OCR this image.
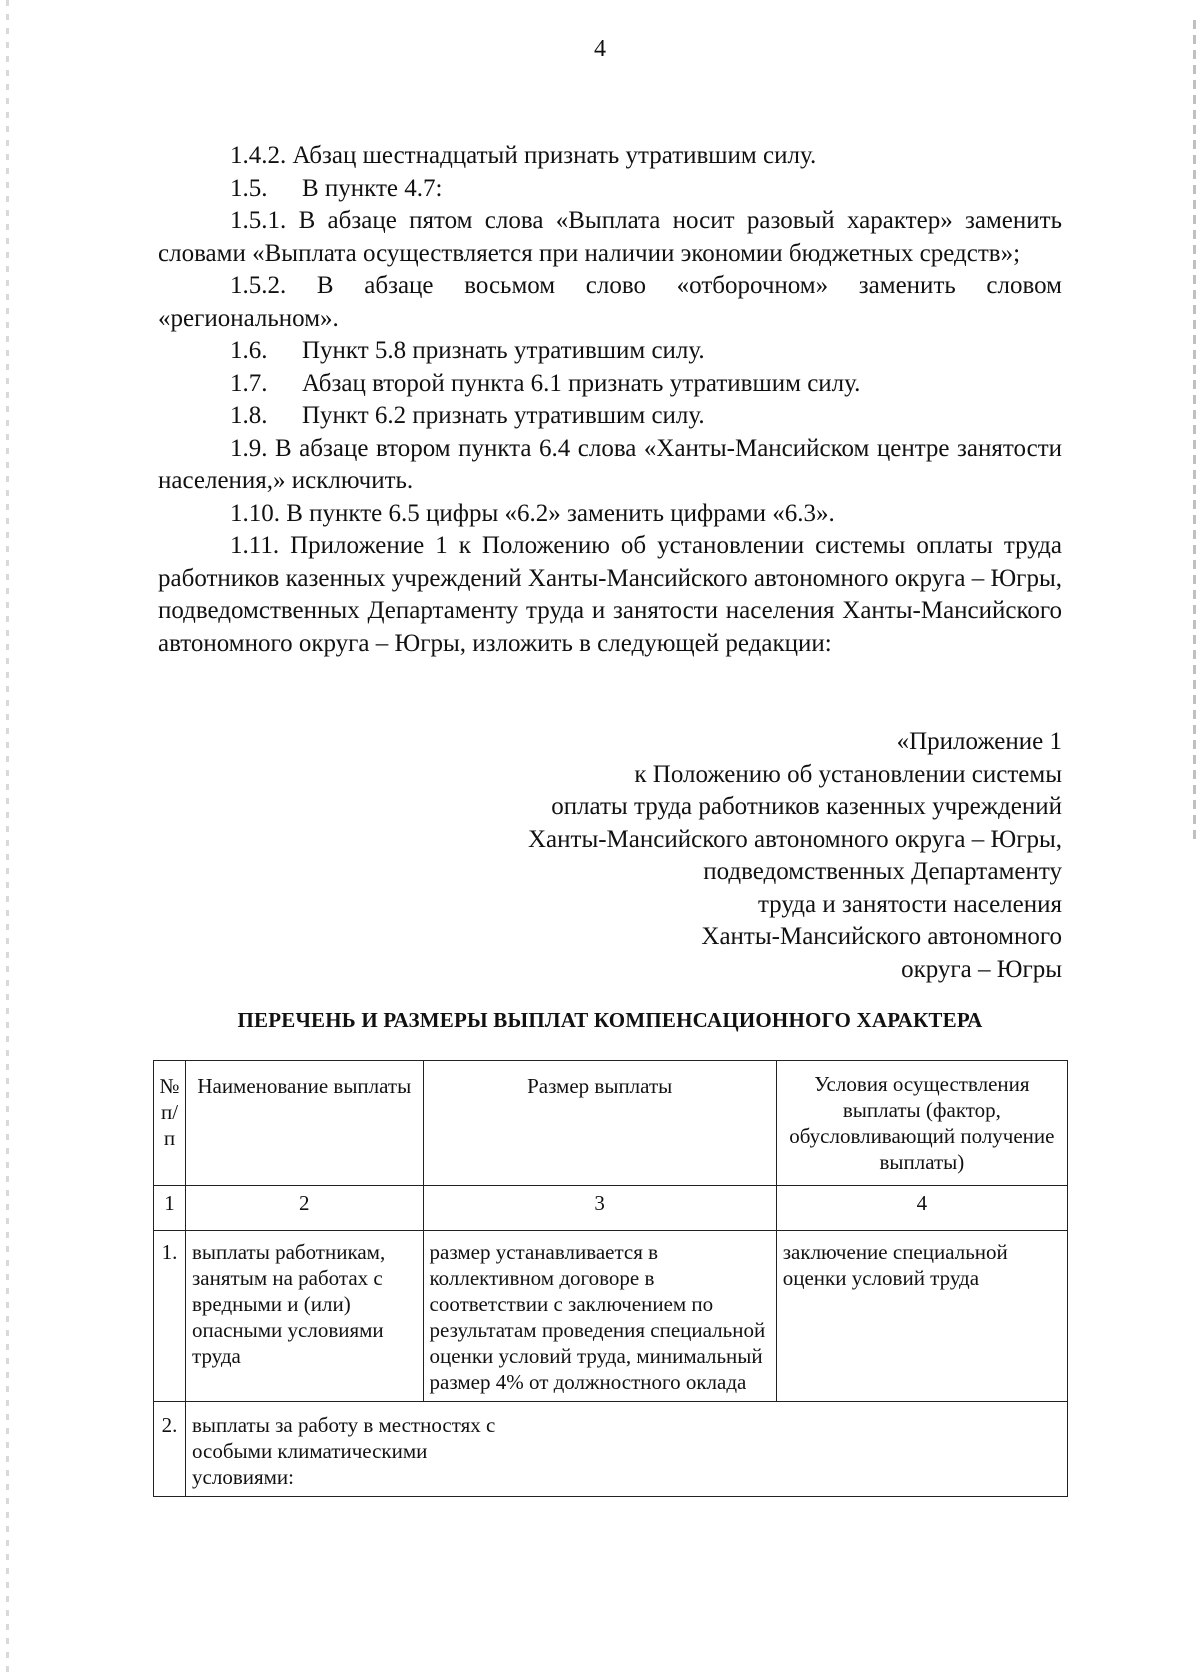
4

1.4.2. Абзац шестнадцатый признать утратившим силу.

1.5. В пункте 4.7:

1.5.1. В абзаце пятом слова «Выплата носит разовый характер» заменить словами «Выплата осуществляется при наличии экономии бюджетных средств»;

1.5.2. В абзаце восьмом слово «отборочном» заменить словом «региональном».

1.6. Пункт 5.8 признать утратившим силу.

1.7. Абзац второй пункта 6.1 признать утратившим силу.

1.8. Пункт 6.2 признать утратившим силу.

1.9. В абзаце втором пункта 6.4 слова «Ханты-Мансийском центре занятости населения,» исключить.

1.10. В пункте 6.5 цифры «6.2» заменить цифрами «6.3».

1.11. Приложение 1 к Положению об установлении системы оплаты труда работников казенных учреждений Ханты-Мансийского автономного округа – Югры, подведомственных Департаменту труда и занятости населения Ханты-Мансийского автономного округа – Югры, изложить в следующей редакции:

«Приложение 1
к Положению об установлении системы
оплаты труда работников казенных учреждений
Ханты-Мансийского автономного округа – Югры,
подведомственных Департаменту
труда и занятости населения
Ханты-Мансийского автономного
округа – Югры
ПЕРЕЧЕНЬ И РАЗМЕРЫ ВЫПЛАТ КОМПЕНСАЦИОННОГО ХАРАКТЕРА
№ п/п	Наименование выплаты	Размер выплаты	Условия осуществления выплаты (фактор, обусловливающий получение выплаты)
1	2	3	4
1.	выплаты работникам, занятым на работах с вредными и (или) опасными условиями труда	размер устанавливается в коллективном договоре в соответствии с заключением по результатам проведения специальной оценки условий труда, минимальный размер 4% от должностного оклада	заключение специальной оценки условий труда
2.	выплаты за работу в местностях с особыми климатическими условиями:		
